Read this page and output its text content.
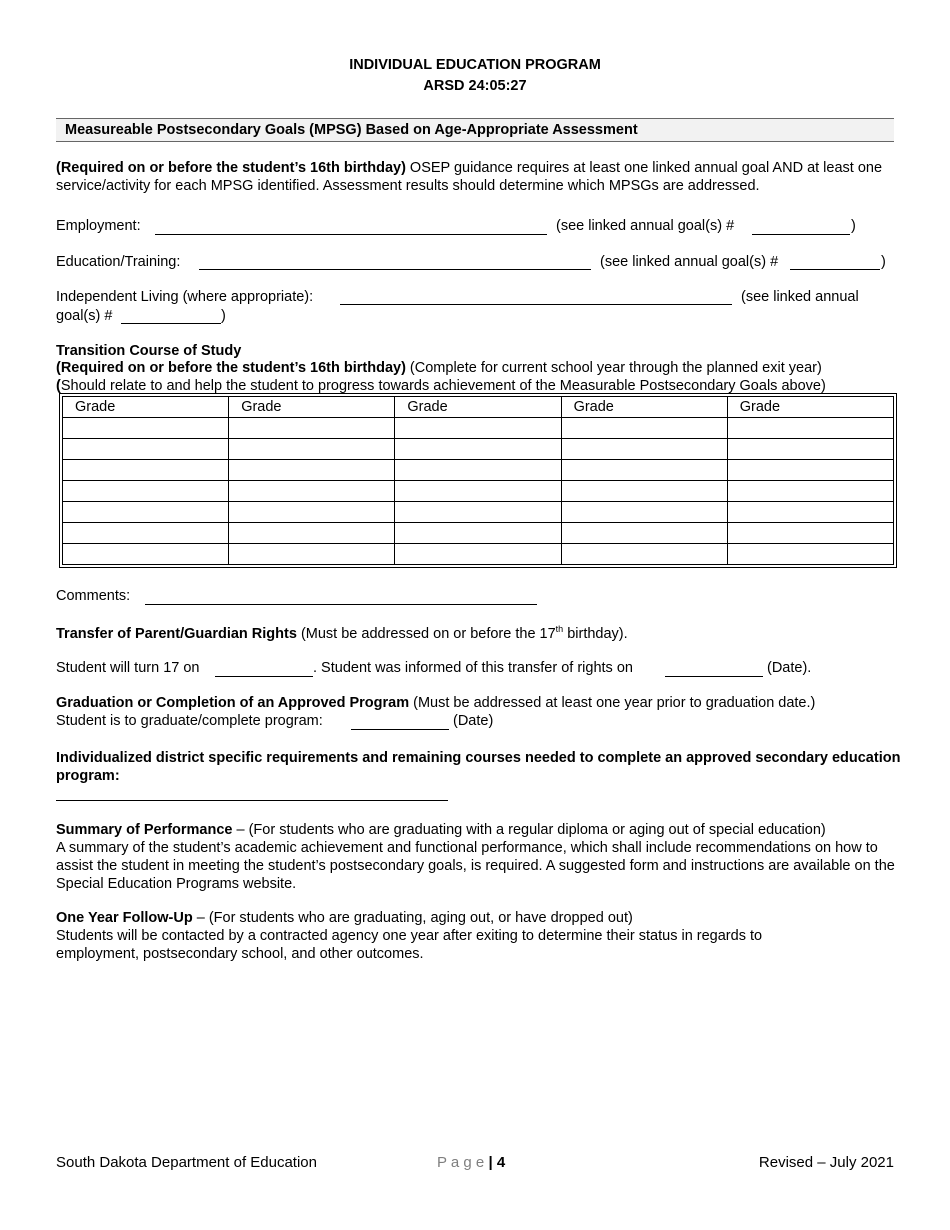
INDIVIDUAL EDUCATION PROGRAM
ARSD 24:05:27
Measureable Postsecondary Goals (MPSG) Based on Age-Appropriate Assessment
(Required on or before the student’s 16th birthday) OSEP guidance requires at least one linked annual goal AND at least one service/activity for each MPSG identified. Assessment results should determine which MPSGs are addressed.
Employment:	(see linked annual goal(s) #	)
Education/Training:	(see linked annual goal(s) #	)
Independent Living (where appropriate):	(see linked annual
goal(s) #	)
Transition Course of Study
(Required on or before the student’s 16th birthday) (Complete for current school year through the planned exit year)
(Should relate to and help the student to progress towards achievement of the Measurable Postsecondary Goals above)
Grade	Grade	Grade	Grade	Grade

Comments:
Transfer of Parent/Guardian Rights (Must be addressed on or before the 17th birthday).
Student will turn 17 on	. Student was informed of this transfer of rights on	(Date).
Graduation or Completion of an Approved Program (Must be addressed at least one year prior to graduation date.)
Student is to graduate/complete program:	(Date)
Individualized district specific requirements and remaining courses needed to complete an approved secondary education program:
Summary of Performance – (For students who are graduating with a regular diploma or aging out of special education)
A summary of the student’s academic achievement and functional performance, which shall include recommendations on how to assist the student in meeting the student’s postsecondary goals, is required. A suggested form and instructions are available on the Special Education Programs website.
One Year Follow-Up – (For students who are graduating, aging out, or have dropped out)
Students will be contacted by a contracted agency one year after exiting to determine their status in regards to employment, postsecondary school, and other outcomes.
South Dakota Department of Education	P a g e | 4	Revised – July 2021
